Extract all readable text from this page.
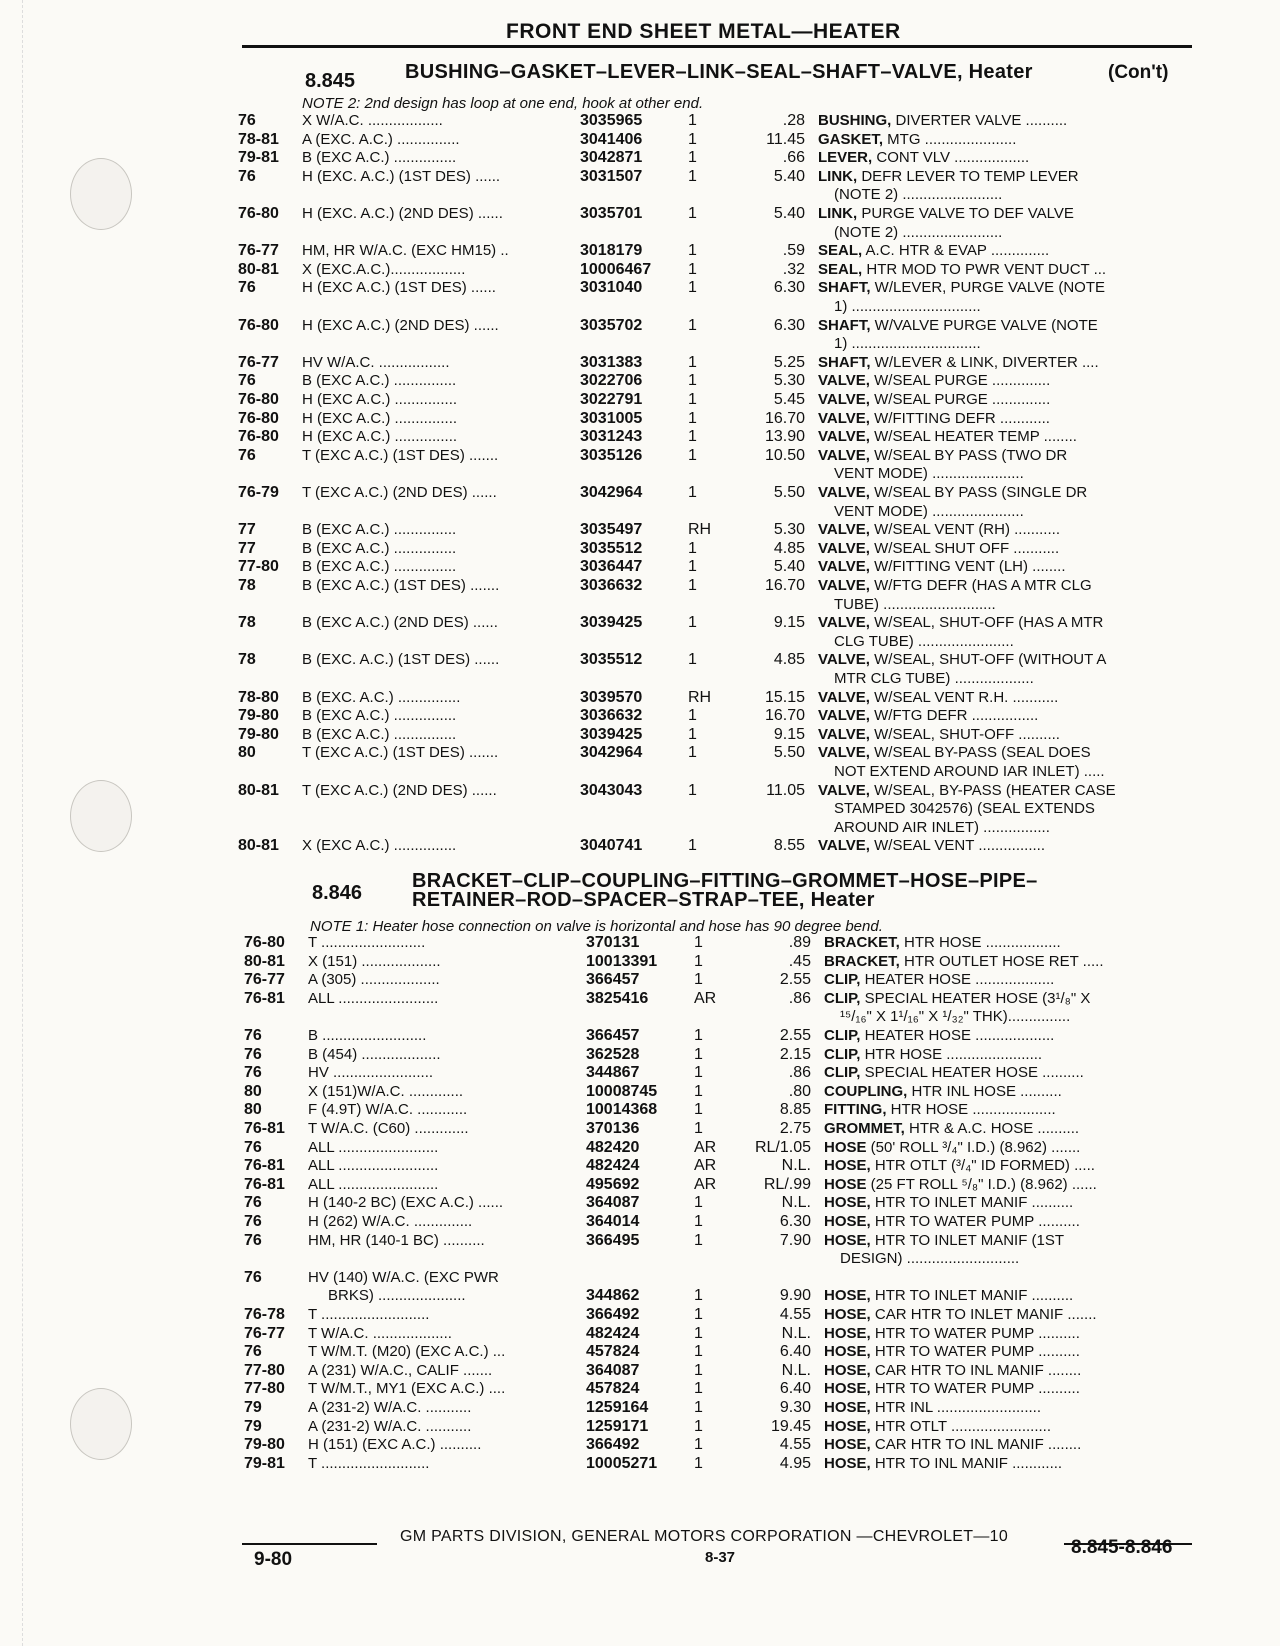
FRONT END SHEET METAL—HEATER
8.845 BUSHING–GASKET–LEVER–LINK–SEAL–SHAFT–VALVE, Heater	(Con't)
NOTE 2: 2nd design has loop at one end, hook at other end.
76	X W/A.C. ..................	3035965	1	.28 BUSHING, DIVERTER VALVE ..........
78-81 A (EXC. A.C.) ...............	3041406	1	11.45 GASKET, MTG ......................
79-81 B (EXC A.C.) ...............	3042871	1	.66 LEVER, CONT VLV ..................
76	H (EXC. A.C.) (1ST DES) ......	3031507	1	5.40 LINK, DEFR LEVER TO TEMP LEVER
(NOTE 2) ........................
76-80 H (EXC. A.C.) (2ND DES) ......	3035701	1	5.40 LINK, PURGE VALVE TO DEF VALVE
(NOTE 2) ........................
76-77 HM, HR W/A.C. (EXC HM15) ..	3018179	1	.59 SEAL, A.C. HTR & EVAP ..............
80-81 X (EXC.A.C.)..................	10006467 1	.32 SEAL, HTR MOD TO PWR VENT DUCT ...
76	H (EXC A.C.) (1ST DES) ......	3031040	1	6.30 SHAFT, W/LEVER, PURGE VALVE (NOTE
1) ...............................
76-80 H (EXC A.C.) (2ND DES) ......	3035702	1	6.30 SHAFT, W/VALVE PURGE VALVE (NOTE
1) ...............................
76-77 HV W/A.C. .................	3031383	1	5.25 SHAFT, W/LEVER & LINK, DIVERTER ....
76	B (EXC A.C.) ...............	3022706	1	5.30 VALVE, W/SEAL PURGE ..............
76-80 H (EXC A.C.) ...............	3022791	1	5.45 VALVE, W/SEAL PURGE ..............
76-80 H (EXC A.C.) ...............	3031005	1	16.70 VALVE, W/FITTING DEFR ............
76-80 H (EXC A.C.) ...............	3031243	1	13.90 VALVE, W/SEAL HEATER TEMP ........
76	T (EXC A.C.) (1ST DES) .......	3035126	1	10.50 VALVE, W/SEAL BY PASS (TWO DR
VENT MODE) ......................
76-79 T (EXC A.C.) (2ND DES) ......	3042964	1	5.50 VALVE, W/SEAL BY PASS (SINGLE DR
VENT MODE) ......................
77	B (EXC A.C.) ...............	3035497	RH	5.30 VALVE, W/SEAL VENT (RH) ...........
77	B (EXC A.C.) ...............	3035512	1	4.85 VALVE, W/SEAL SHUT OFF ...........
77-80 B (EXC A.C.) ...............	3036447	1	5.40 VALVE, W/FITTING VENT (LH) ........
78	B (EXC A.C.) (1ST DES) .......	3036632	1	16.70 VALVE, W/FTG DEFR (HAS A MTR CLG
TUBE) ...........................
78	B (EXC A.C.) (2ND DES) ......	3039425	1	9.15 VALVE, W/SEAL, SHUT-OFF (HAS A MTR
CLG TUBE) .......................
78	B (EXC. A.C.) (1ST DES) ......	3035512	1	4.85 VALVE, W/SEAL, SHUT-OFF (WITHOUT A
MTR CLG TUBE) ...................
78-80 B (EXC. A.C.) ...............	3039570	RH	15.15 VALVE, W/SEAL VENT R.H. ...........
79-80 B (EXC A.C.) ...............	3036632	1	16.70 VALVE, W/FTG DEFR ................
79-80 B (EXC A.C.) ...............	3039425	1	9.15 VALVE, W/SEAL, SHUT-OFF ..........
80	T (EXC A.C.) (1ST DES) .......	3042964	1	5.50 VALVE, W/SEAL BY-PASS (SEAL DOES
NOT EXTEND AROUND IAR INLET) .....
80-81 T (EXC A.C.) (2ND DES) ......	3043043	1	11.05 VALVE, W/SEAL, BY-PASS (HEATER CASE
STAMPED 3042576) (SEAL EXTENDS
AROUND AIR INLET) ................
80-81 X (EXC A.C.) ...............	3040741	1	8.55 VALVE, W/SEAL VENT ................
8.846
BRACKET–CLIP–COUPLING–FITTING–GROMMET–HOSE–PIPE–
RETAINER–ROD–SPACER–STRAP–TEE, Heater
NOTE 1: Heater hose connection on valve is horizontal and hose has 90 degree bend.
76-80 T .........................	370131	1	.89 BRACKET, HTR HOSE ..................
80-81 X (151) ...................	10013391 1	.45 BRACKET, HTR OUTLET HOSE RET .....
76-77 A (305) ...................	366457	1	2.55 CLIP, HEATER HOSE ...................
76-81 ALL ........................	3825416	AR	.86 CLIP, SPECIAL HEATER HOSE (3¹/₈" X
¹⁵/₁₆" X 1¹/₁₆" X ¹/₃₂" THK)...............
76	B .........................	366457	1	2.55 CLIP, HEATER HOSE ...................
76	B (454) ...................	362528	1	2.15 CLIP, HTR HOSE .......................
76	HV ........................	344867	1	.86 CLIP, SPECIAL HEATER HOSE ..........
80	X (151)W/A.C. .............	10008745 1	.80 COUPLING, HTR INL HOSE ..........
80	F (4.9T) W/A.C. ............	10014368 1	8.85 FITTING, HTR HOSE ....................
76-81 T W/A.C. (C60) .............	370136	1	2.75 GROMMET, HTR & A.C. HOSE ..........
76	ALL ........................	482420	AR	RL/1.05 HOSE (50' ROLL ³/₄" I.D.) (8.962) .......
76-81 ALL ........................	482424	AR	N.L. HOSE, HTR OTLT (³/₄" ID FORMED) .....
76-81 ALL ........................	495692	AR	RL/.99 HOSE (25 FT ROLL ⁵/₈" I.D.) (8.962) ......
76	H (140-2 BC) (EXC A.C.) ......	364087	1	N.L. HOSE, HTR TO INLET MANIF ..........
76	H (262) W/A.C. ..............	364014	1	6.30 HOSE, HTR TO WATER PUMP ..........
76	HM, HR (140-1 BC) ..........	366495	1	7.90 HOSE, HTR TO INLET MANIF (1ST
DESIGN) ...........................
76	HV (140) W/A.C. (EXC PWR
BRKS) .....................	344862	1	9.90 HOSE, HTR TO INLET MANIF ..........
76-78 T ..........................	366492	1	4.55 HOSE, CAR HTR TO INLET MANIF .......
76-77 T W/A.C. ...................	482424	1	N.L. HOSE, HTR TO WATER PUMP ..........
76	T W/M.T. (M20) (EXC A.C.) ...	457824	1	6.40 HOSE, HTR TO WATER PUMP ..........
77-80 A (231) W/A.C., CALIF .......	364087	1	N.L. HOSE, CAR HTR TO INL MANIF ........
77-80 T W/M.T., MY1 (EXC A.C.) ....	457824	1	6.40 HOSE, HTR TO WATER PUMP ..........
79	A (231-2) W/A.C. ...........	1259164	1	9.30 HOSE, HTR INL .........................
79	A (231-2) W/A.C. ...........	1259171	1	19.45 HOSE, HTR OTLT ........................
79-80 H (151) (EXC A.C.) ..........	366492	1	4.55 HOSE, CAR HTR TO INL MANIF ........
79-81 T ..........................	10005271 1	4.95 HOSE, HTR TO INL MANIF ............
GM PARTS DIVISION, GENERAL MOTORS CORPORATION —CHEVROLET—10
9-80	8-37	8.845-8.846
